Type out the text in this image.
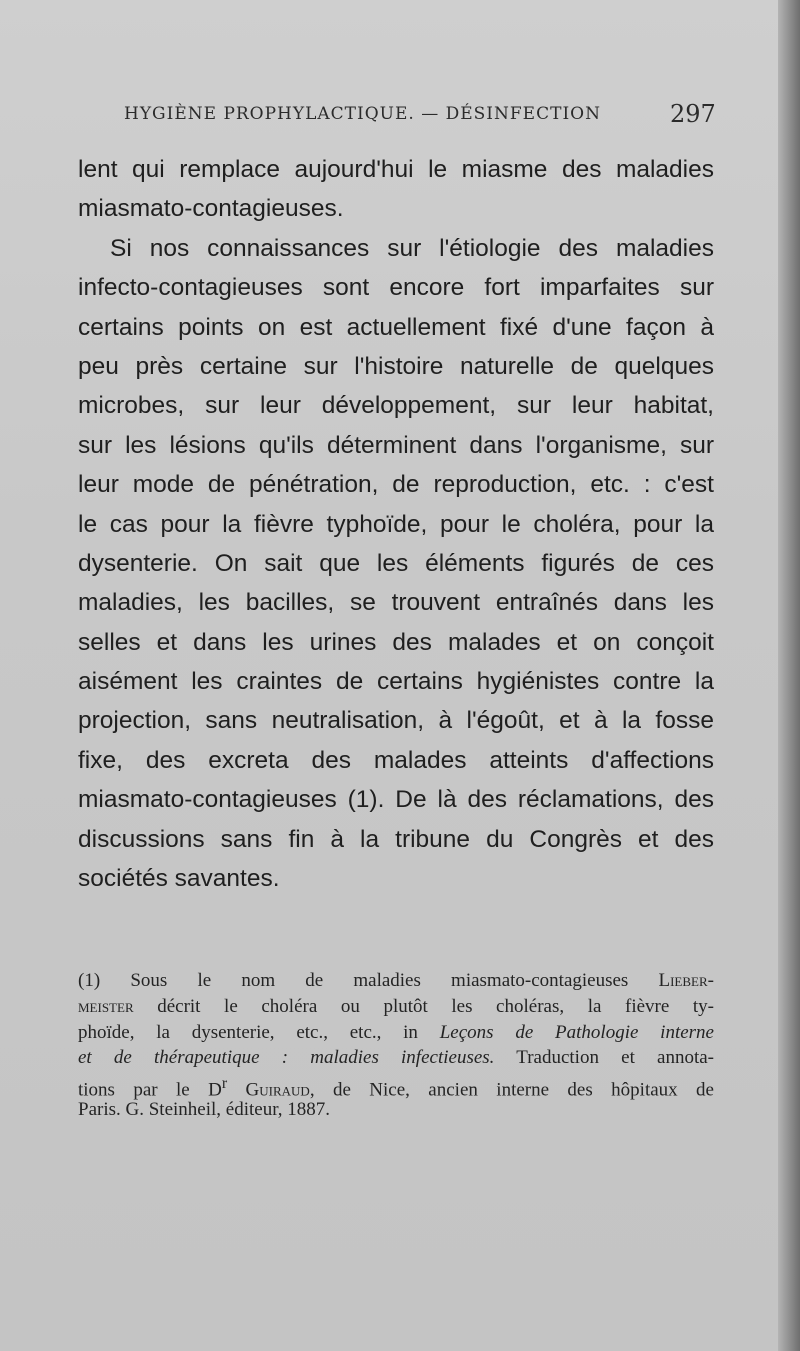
HYGIÈNE PROPHYLACTIQUE. — DÉSINFECTION	297
lent qui remplace aujourd'hui le miasme des maladies
miasmato-contagieuses.
Si nos connaissances sur l'étiologie des maladies
infecto-contagieuses sont encore fort imparfaites sur
certains points on est actuellement fixé d'une façon à
peu près certaine sur l'histoire naturelle de quelques
microbes, sur leur développement, sur leur habitat,
sur les lésions qu'ils déterminent dans l'organisme, sur
leur mode de pénétration, de reproduction, etc. : c'est
le cas pour la fièvre typhoïde, pour le choléra, pour la
dysenterie. On sait que les éléments figurés de ces
maladies, les bacilles, se trouvent entraînés dans les
selles et dans les urines des malades et on conçoit
aisément les craintes de certains hygiénistes contre la
projection, sans neutralisation, à l'égoût, et à la fosse
fixe, des excreta des malades atteints d'affections
miasmato-contagieuses (1). De là des réclamations, des
discussions sans fin à la tribune du Congrès et des
sociétés savantes.
(1) Sous le nom de maladies miasmato-contagieuses Lieber-
meister décrit le choléra ou plutôt les choléras, la fièvre ty-
phoïde, la dysenterie, etc., etc., in Leçons de Pathologie interne
et de thérapeutique : maladies infectieuses. Traduction et annota-
tions par le $D^r$ Guiraud, de Nice, ancien interne des hôpitaux de
Paris. G. Steinheil, éditeur, 1887.
